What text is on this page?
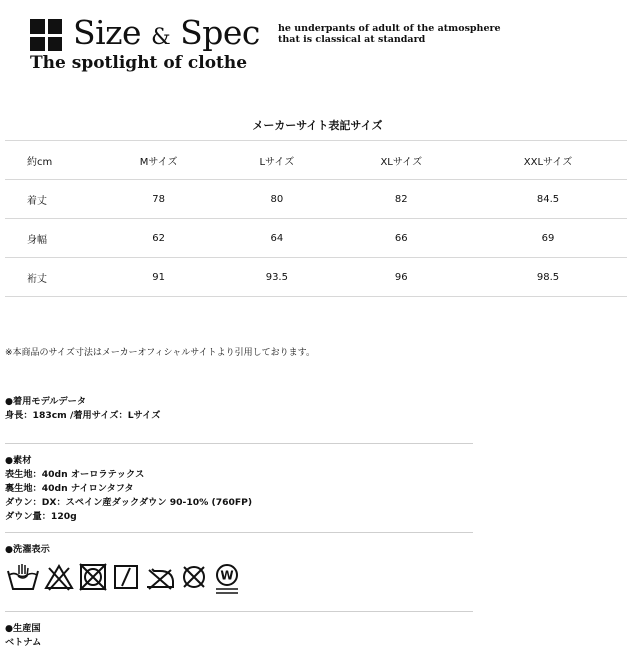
Size & Spec he underpants of adult of the atmosphere
that is classical at standard
The spotlight of clothe
メーカーサイト表記サイズ
約cm	Mサイズ	Lサイズ	XLサイズ	XXLサイズ
着丈	78	80	82	84.5
身幅	62	64	66	69
裄丈	91	93.5	96	98.5
※本商品のサイズ寸法はメーカーオフィシャルサイトより引用しております。
●着用モデルデータ
身長：183cm /着用サイズ：Lサイズ
●素材
表生地：40dn オーロラテックス
裏生地：40dn ナイロンタフタ
ダウン：DX：スペイン産ダックダウン 90-10% (760FP)
ダウン量：120g
●洗濯表示
W
●生産国
ベトナム
